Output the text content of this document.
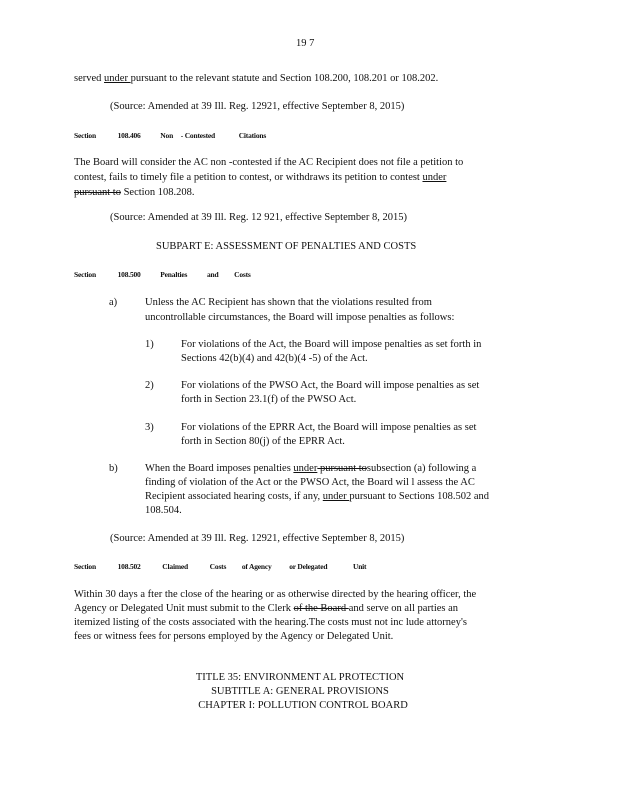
19 7
served under pursuant to the relevant statute and Section 108.200, 108.201 or 108.202.
(Source: Amended at 39 Ill. Reg. 12921, effective September 8, 2015)
Section	108.406	Non - Contested	Citations
The Board will consider the AC non -contested if the AC Recipient does not file a petition to
contest, fails to timely file a petition to contest, or withdraws its petition to contest under
pursuant to Section 108.208.
(Source: Amended at 39 Ill. Reg. 12 921, effective September 8, 2015)
SUBPART E: ASSESSMENT OF PENALTIES AND COSTS
Section	108.500	Penalties	and Costs
a)	Unless the AC Recipient has shown that the violations resulted from
uncontrollable circumstances, the Board will impose penalties as follows:
1)	For violations of the Act, the Board will impose penalties as set forth in
Sections 42(b)(4) and 42(b)(4 -5) of the Act.
2)	For violations of the PWSO Act, the Board will impose penalties as set
forth in Section 23.1(f) of the PWSO Act.
3)	For violations of the EPRR Act, the Board will impose penalties as set
forth in Section 80(j) of the EPRR Act.
b)	When the Board imposes penalties under pursuant tosubsection (a) following a
finding of violation of the Act or the PWSO Act, the Board wil l assess the AC
Recipient associated hearing costs, if any, under pursuant to Sections 108.502 and
108.504.
(Source: Amended at 39 Ill. Reg. 12921, effective September 8, 2015)
Section	108.502	Claimed	Costs of Agency or Delegated	Unit
Within 30 days a fter the close of the hearing or as otherwise directed by the hearing officer, the
Agency or Delegated Unit must submit to the Clerk of the Board and serve on all parties an
itemized listing of the costs associated with the hearing.The costs must not inc lude attorney's
fees or witness fees for persons employed by the Agency or Delegated Unit.
TITLE 35: ENVIRONMENT AL PROTECTION
SUBTITLE A: GENERAL PROVISIONS
CHAPTER I: POLLUTION CONTROL BOARD
